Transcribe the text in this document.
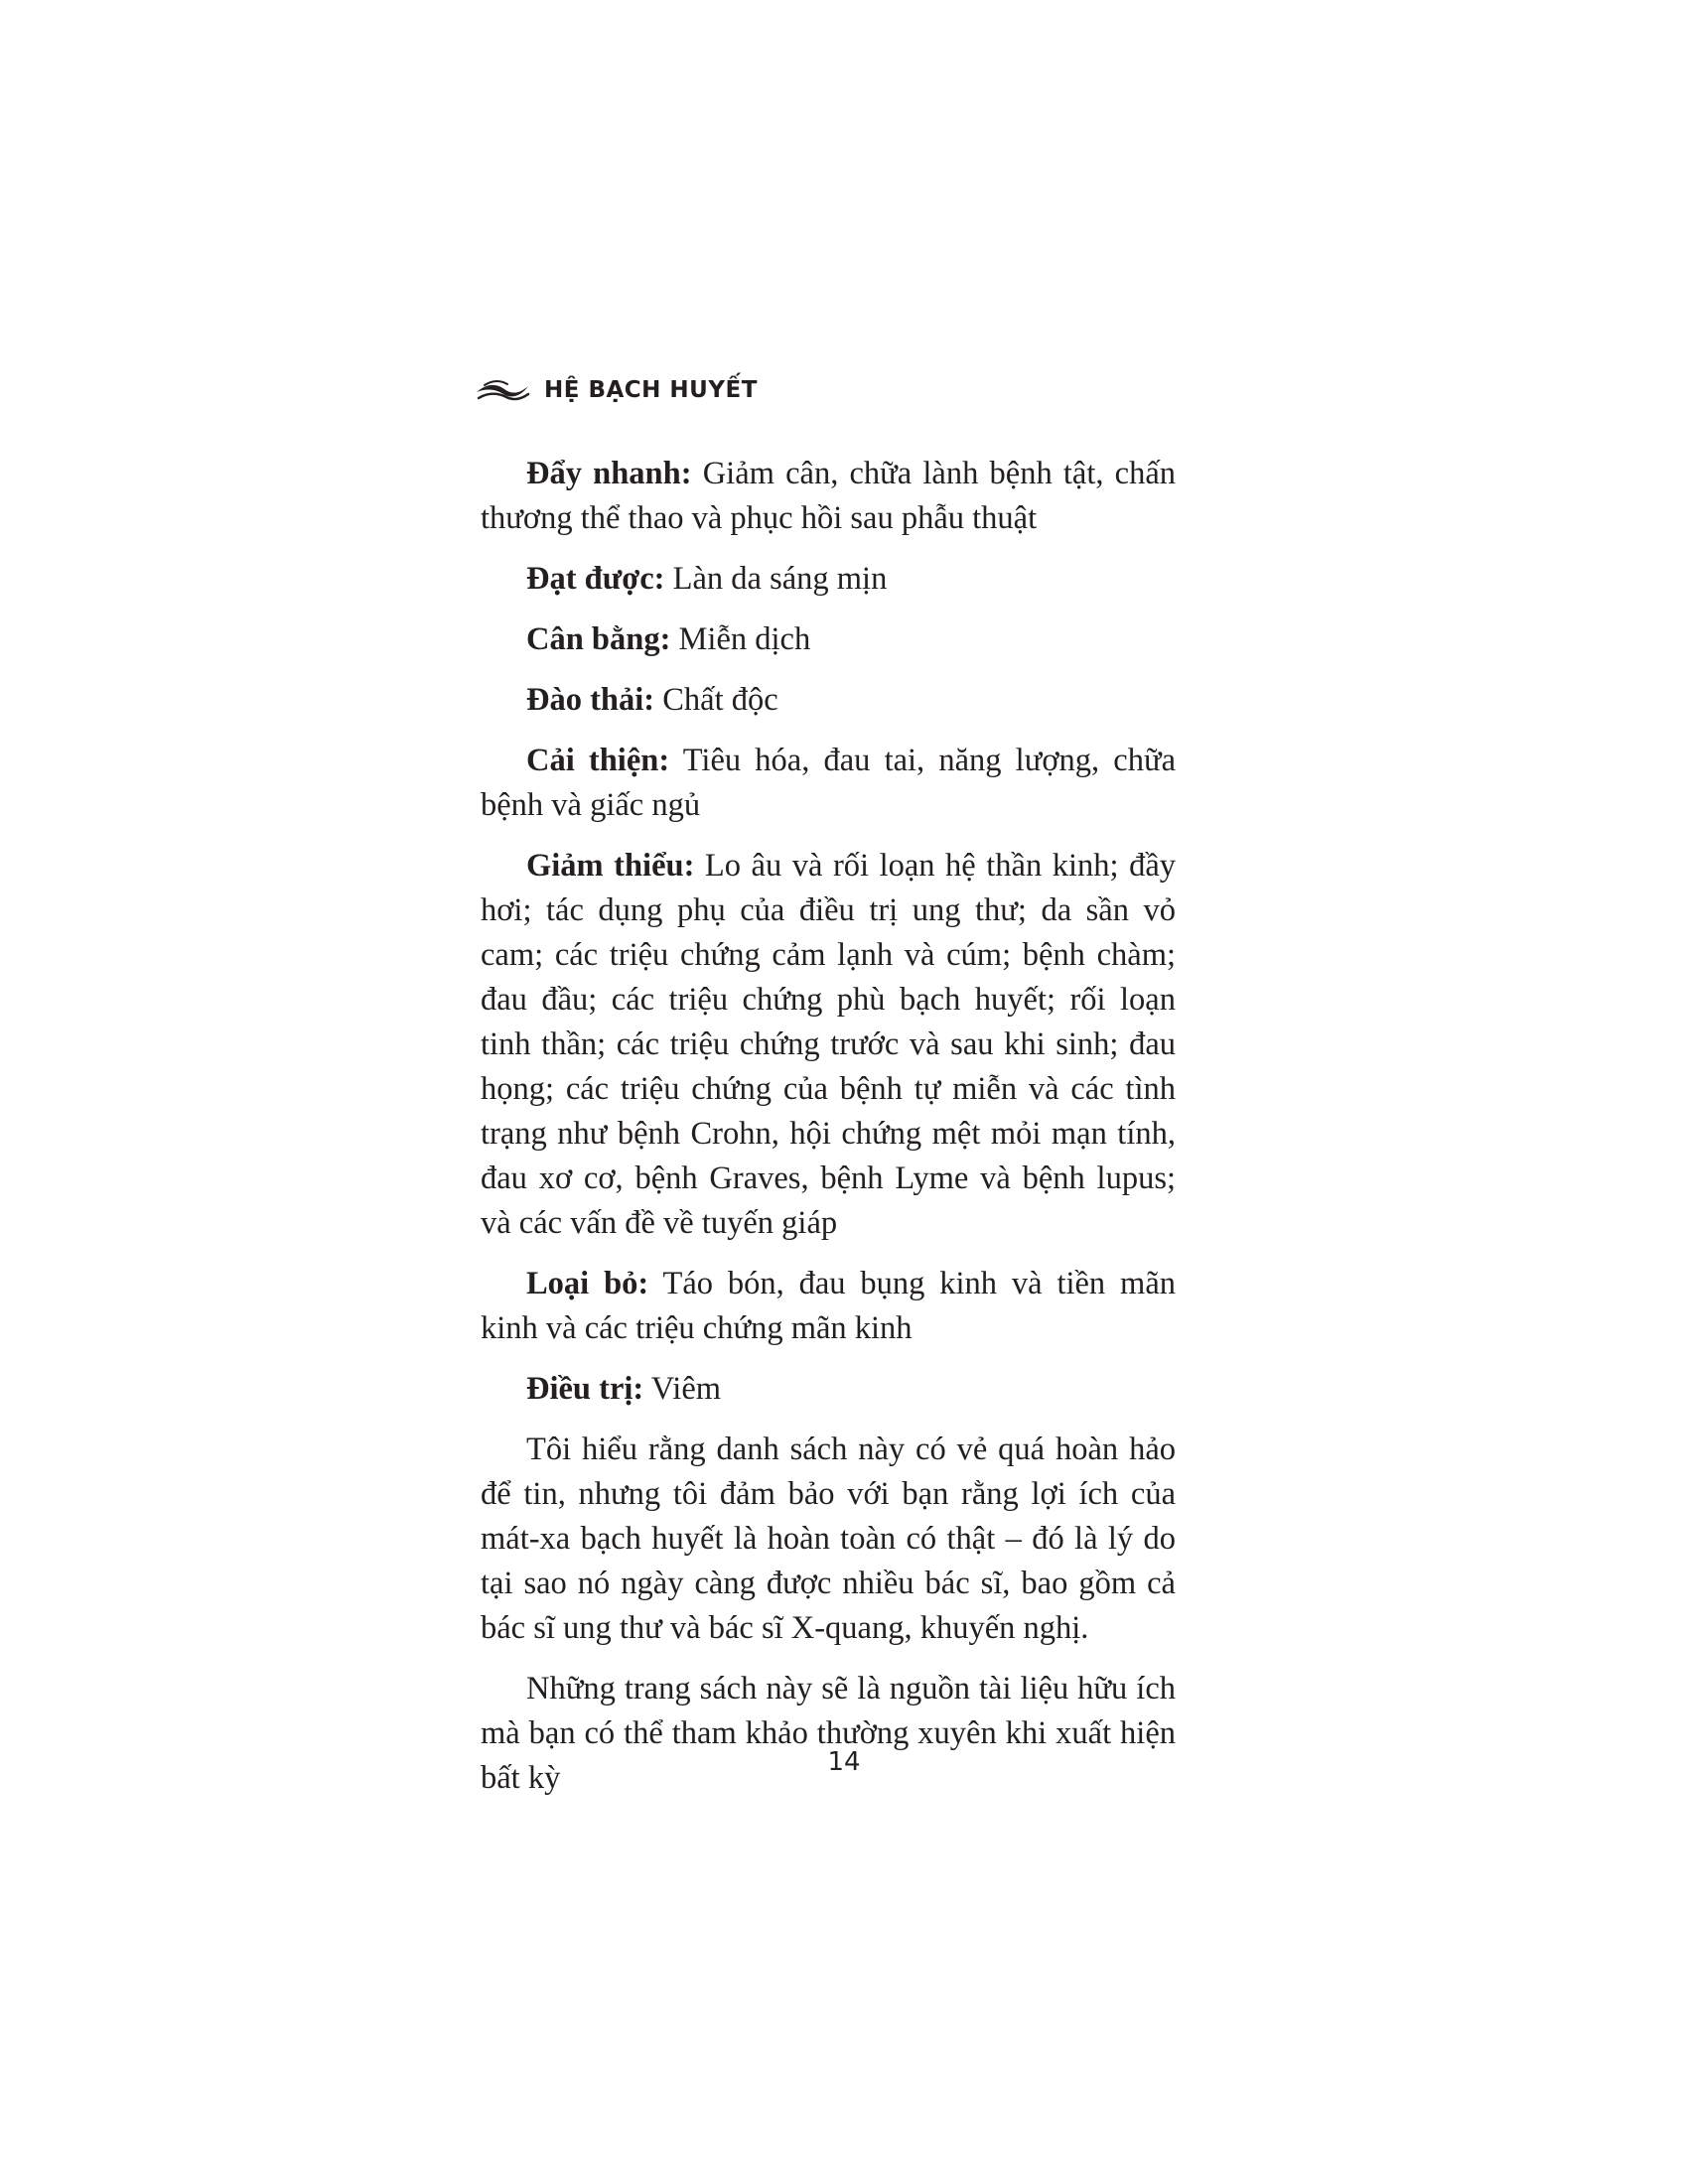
HỆ BẠCH HUYẾT

Đẩy nhanh: Giảm cân, chữa lành bệnh tật, chấn thương thể thao và phục hồi sau phẫu thuật

Đạt được: Làn da sáng mịn

Cân bằng: Miễn dịch

Đào thải: Chất độc

Cải thiện: Tiêu hóa, đau tai, năng lượng, chữa bệnh và giấc ngủ

Giảm thiểu: Lo âu và rối loạn hệ thần kinh; đầy hơi; tác dụng phụ của điều trị ung thư; da sần vỏ cam; các triệu chứng cảm lạnh và cúm; bệnh chàm; đau đầu; các triệu chứng phù bạch huyết; rối loạn tinh thần; các triệu chứng trước và sau khi sinh; đau họng; các triệu chứng của bệnh tự miễn và các tình trạng như bệnh Crohn, hội chứng mệt mỏi mạn tính, đau xơ cơ, bệnh Graves, bệnh Lyme và bệnh lupus; và các vấn đề về tuyến giáp

Loại bỏ: Táo bón, đau bụng kinh và tiền mãn kinh và các triệu chứng mãn kinh

Điều trị: Viêm

Tôi hiểu rằng danh sách này có vẻ quá hoàn hảo để tin, nhưng tôi đảm bảo với bạn rằng lợi ích của mát-xa bạch huyết là hoàn toàn có thật – đó là lý do tại sao nó ngày càng được nhiều bác sĩ, bao gồm cả bác sĩ ung thư và bác sĩ X-quang, khuyến nghị.

Những trang sách này sẽ là nguồn tài liệu hữu ích mà bạn có thể tham khảo thường xuyên khi xuất hiện bất kỳ	14
